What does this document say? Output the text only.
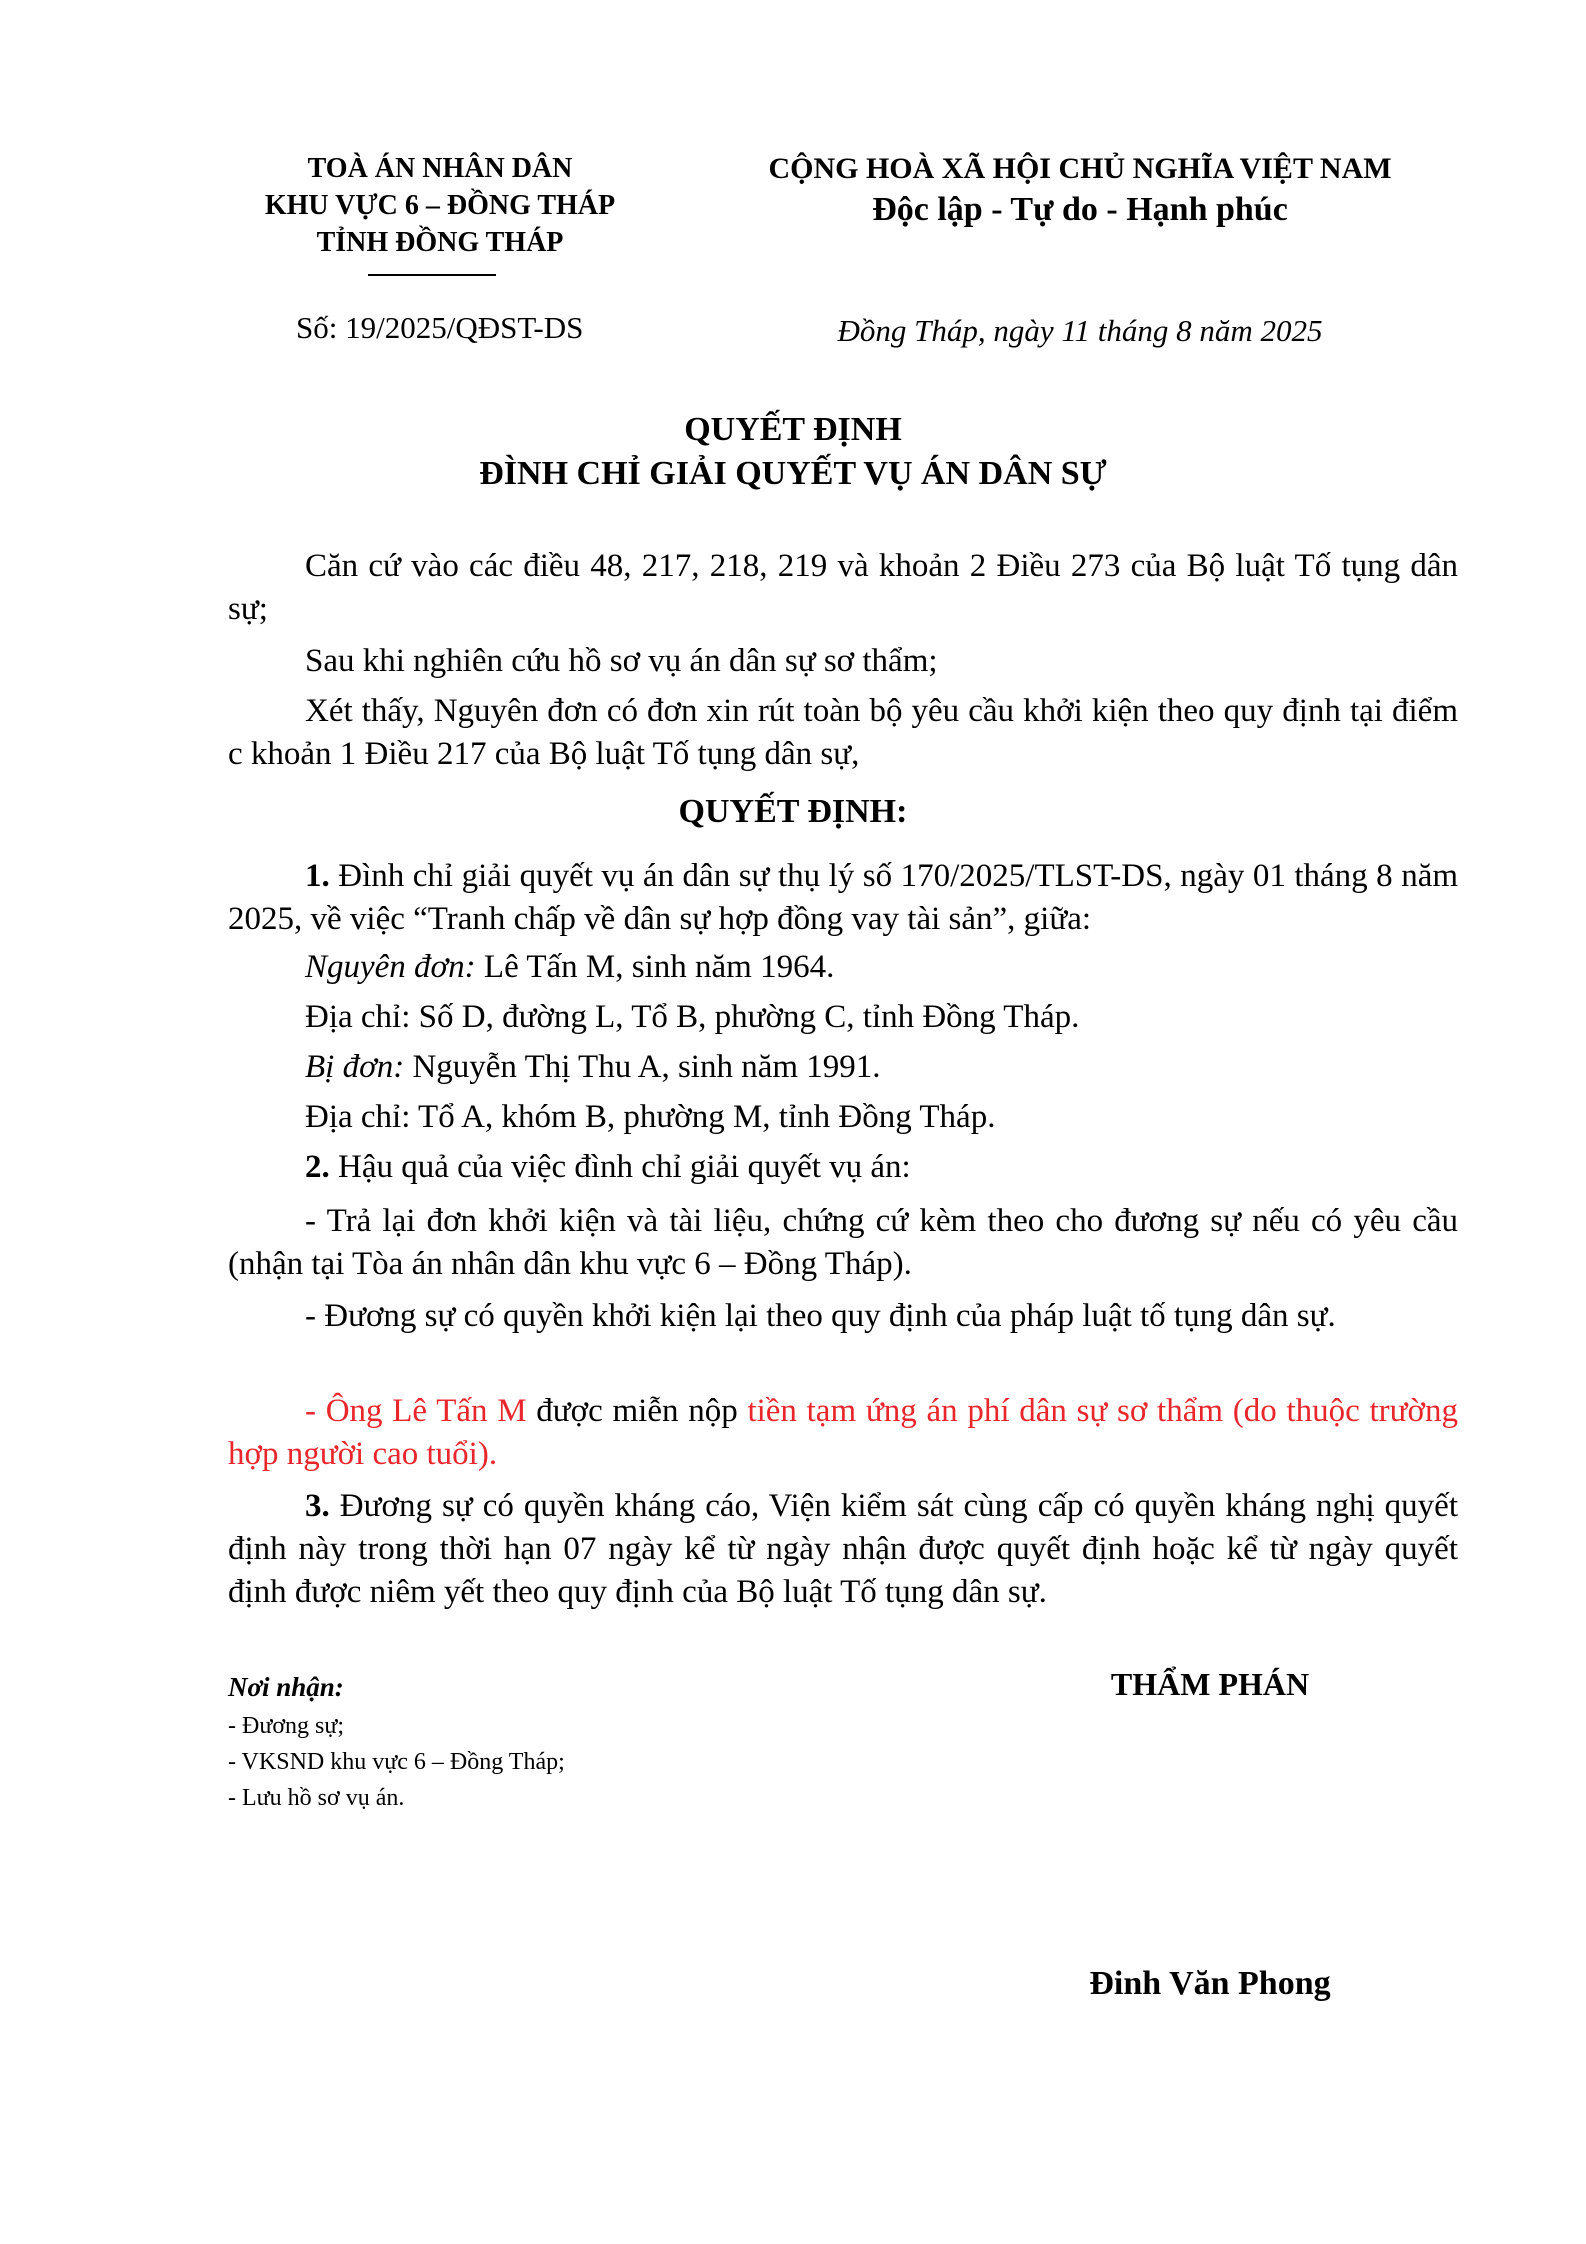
TOÀ ÁN NHÂN DÂN
KHU VỰC 6 – ĐỒNG THÁP
TỈNH ĐỒNG THÁP
CỘNG HOÀ XÃ HỘI CHỦ NGHĨA VIỆT NAM
Độc lập - Tự do - Hạnh phúc
Số: 19/2025/QĐST-DS	Đồng Tháp, ngày 11 tháng 8 năm 2025
QUYẾT ĐỊNH
ĐÌNH CHỈ GIẢI QUYẾT VỤ ÁN DÂN SỰ
Căn cứ vào các điều 48, 217, 218, 219 và khoản 2 Điều 273 của Bộ luật Tố tụng dân sự;
Sau khi nghiên cứu hồ sơ vụ án dân sự sơ thẩm;
Xét thấy, Nguyên đơn có đơn xin rút toàn bộ yêu cầu khởi kiện theo quy định tại điểm c khoản 1 Điều 217 của Bộ luật Tố tụng dân sự,
QUYẾT ĐỊNH:
1. Đình chỉ giải quyết vụ án dân sự thụ lý số 170/2025/TLST-DS, ngày 01 tháng 8 năm 2025, về việc “Tranh chấp về dân sự hợp đồng vay tài sản”, giữa:
Nguyên đơn: Lê Tấn M, sinh năm 1964.
Địa chỉ: Số D, đường L, Tổ B, phường C, tỉnh Đồng Tháp.
Bị đơn: Nguyễn Thị Thu A, sinh năm 1991.
Địa chỉ: Tổ A, khóm B, phường M, tỉnh Đồng Tháp.
2. Hậu quả của việc đình chỉ giải quyết vụ án:
- Trả lại đơn khởi kiện và tài liệu, chứng cứ kèm theo cho đương sự nếu có yêu cầu (nhận tại Tòa án nhân dân khu vực 6 – Đồng Tháp).
- Đương sự có quyền khởi kiện lại theo quy định của pháp luật tố tụng dân sự.
- Ông Lê Tấn M được miễn nộp tiền tạm ứng án phí dân sự sơ thẩm (do thuộc trường hợp người cao tuổi).
3. Đương sự có quyền kháng cáo, Viện kiểm sát cùng cấp có quyền kháng nghị quyết định này trong thời hạn 07 ngày kể từ ngày nhận được quyết định hoặc kể từ ngày quyết định được niêm yết theo quy định của Bộ luật Tố tụng dân sự.
Nơi nhận:
- Đương sự;
- VKSND khu vực 6 – Đồng Tháp;
- Lưu hồ sơ vụ án.
THẨM PHÁN
Đinh Văn Phong
